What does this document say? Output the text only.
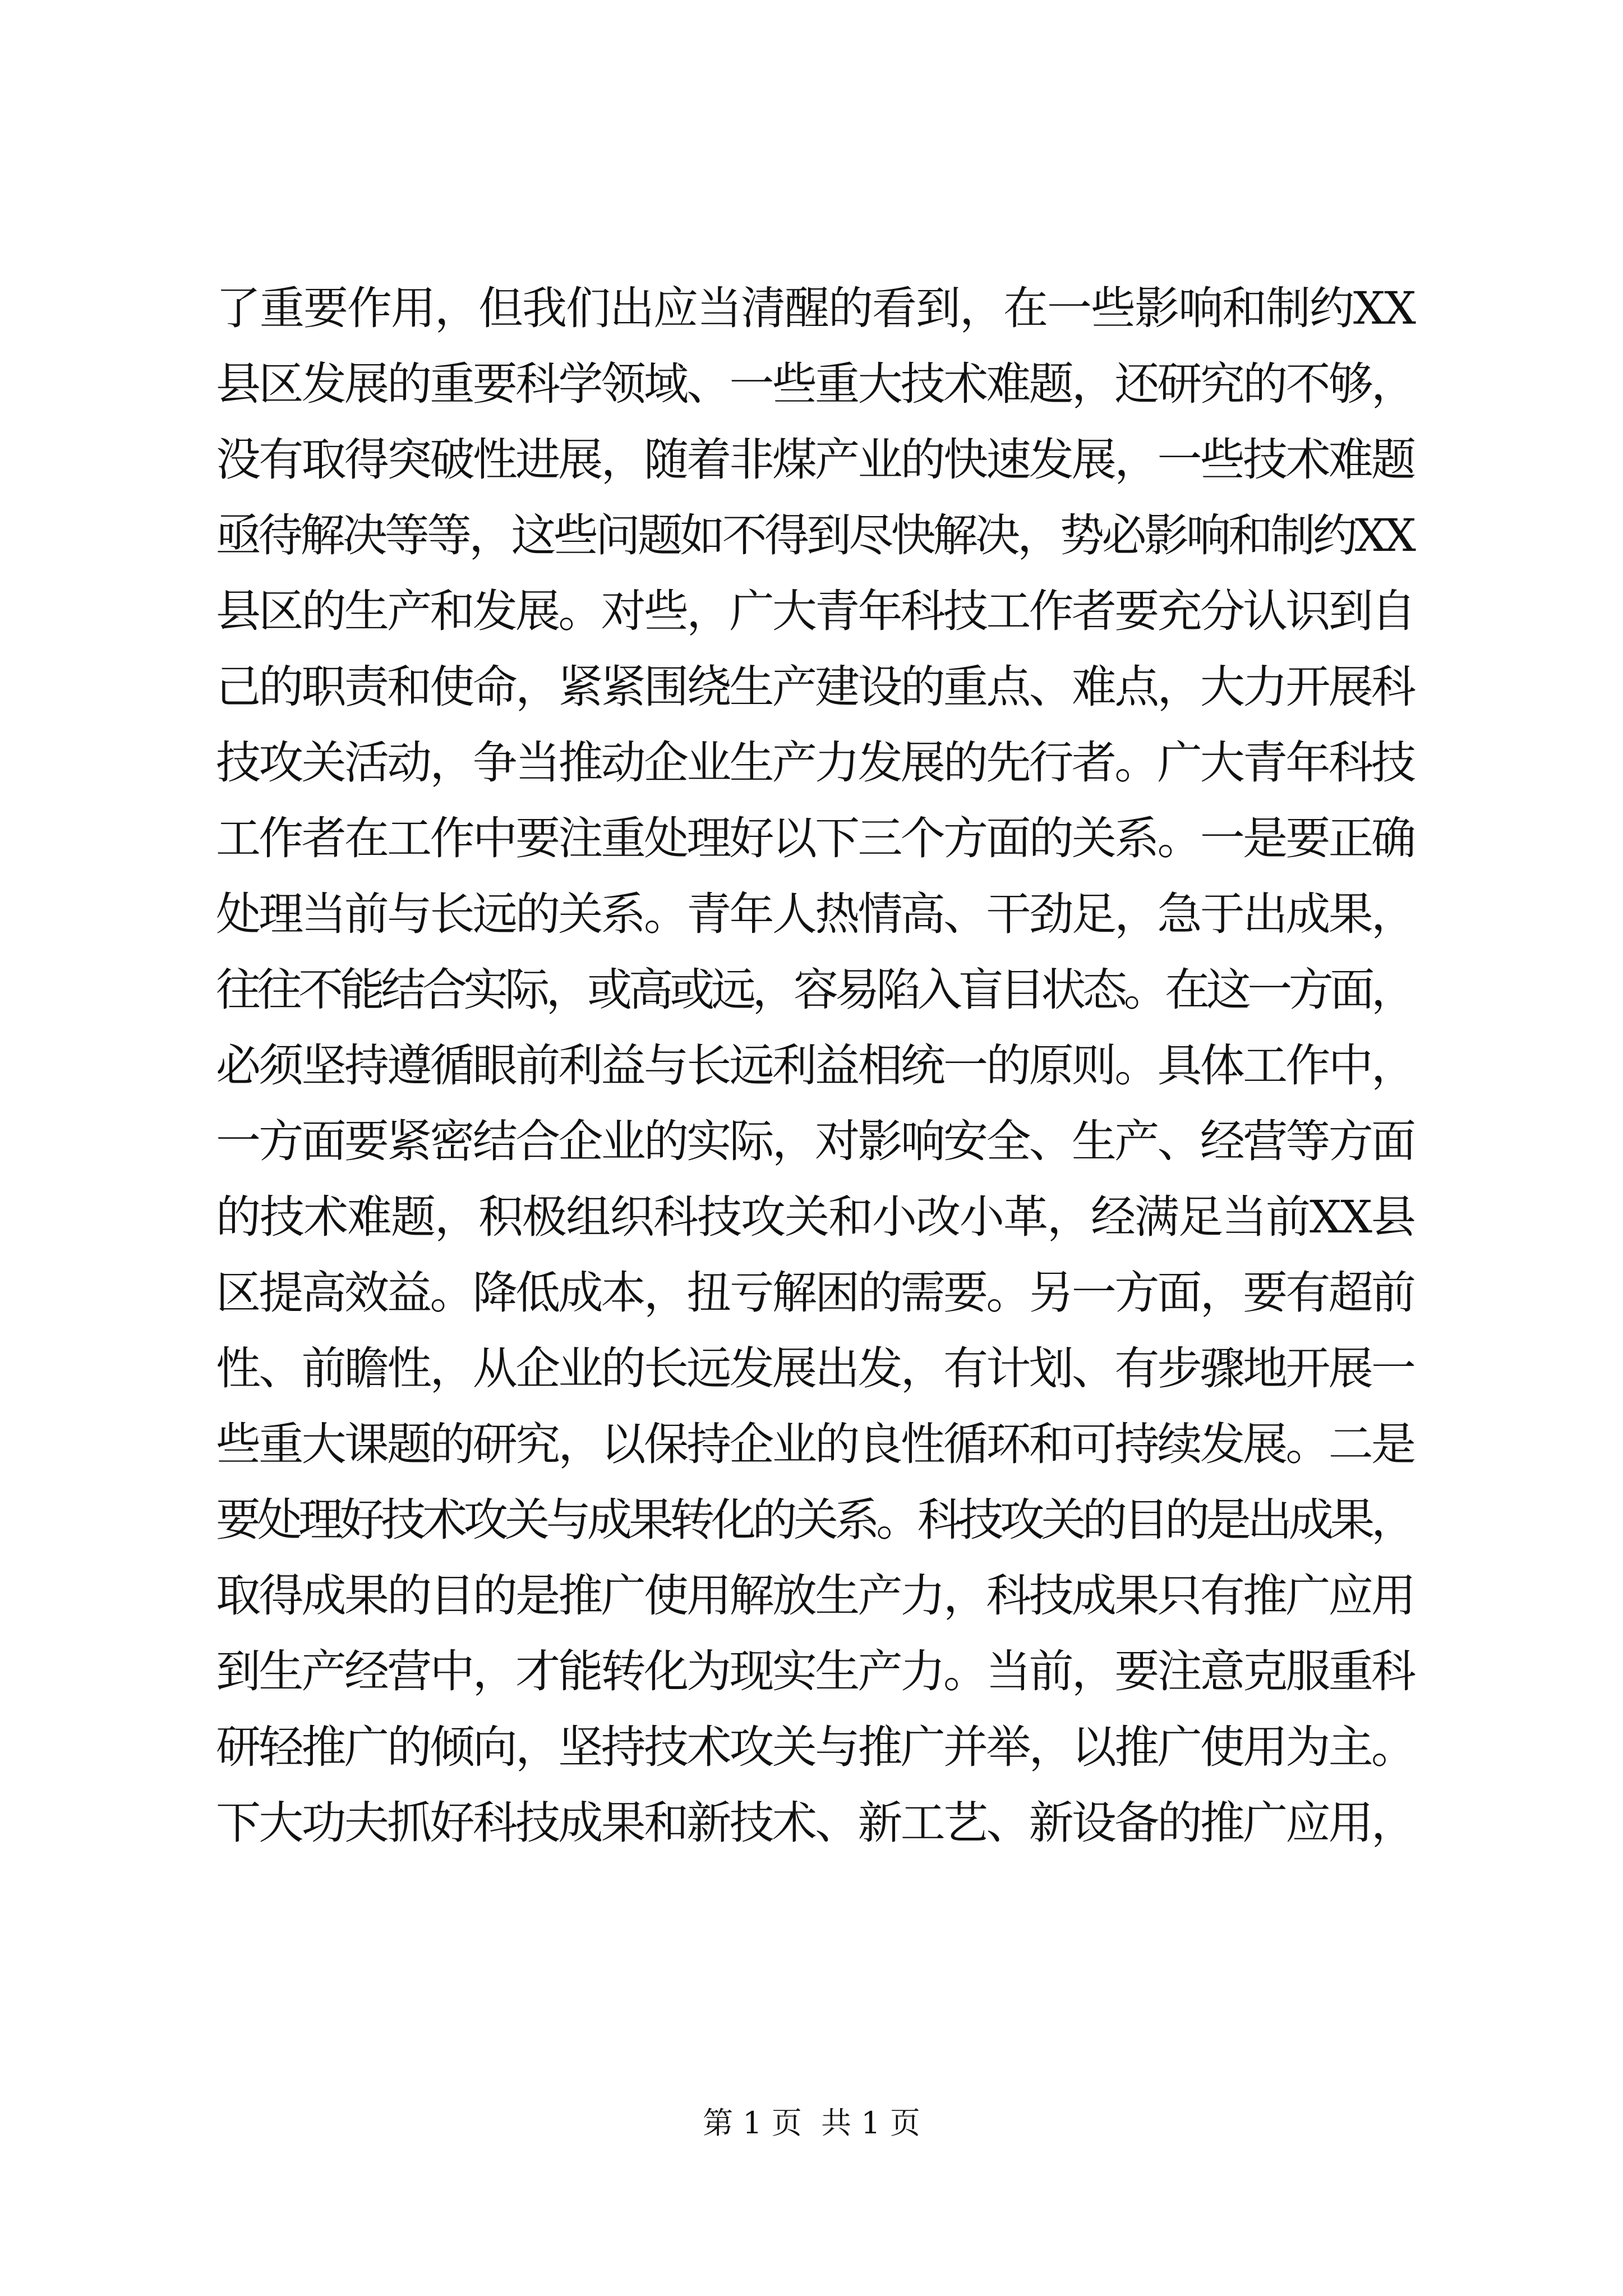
了重要作用，但我们出应当清醒的看到，在一些影响和制约XX
县区发展的重要科学领域、一些重大技术难题，还研究的不够，
没有取得突破性进展，随着非煤产业的快速发展，一些技术难题
亟待解决等等，这些问题如不得到尽快解决，势必影响和制约XX
县区的生产和发展。对些，广大青年科技工作者要充分认识到自
己的职责和使命，紧紧围绕生产建设的重点、难点，大力开展科
技攻关活动，争当推动企业生产力发展的先行者。广大青年科技
工作者在工作中要注重处理好以下三个方面的关系。一是要正确
处理当前与长远的关系。青年人热情高、干劲足，急于出成果，
往往不能结合实际，或高或远，容易陷入盲目状态。在这一方面，
必须坚持遵循眼前利益与长远利益相统一的原则。具体工作中，
一方面要紧密结合企业的实际，对影响安全、生产、经营等方面
的技术难题，积极组织科技攻关和小改小革，经满足当前XX县
区提高效益。降低成本，扭亏解困的需要。另一方面，要有超前
性、前瞻性，从企业的长远发展出发，有计划、有步骤地开展一
些重大课题的研究，以保持企业的良性循环和可持续发展。二是
要处理好技术攻关与成果转化的关系。科技攻关的目的是出成果，
取得成果的目的是推广使用解放生产力，科技成果只有推广应用
到生产经营中，才能转化为现实生产力。当前，要注意克服重科
研轻推广的倾向，坚持技术攻关与推广并举，以推广使用为主。
下大功夫抓好科技成果和新技术、新工艺、新设备的推广应用，
第 1 页  共 1 页
